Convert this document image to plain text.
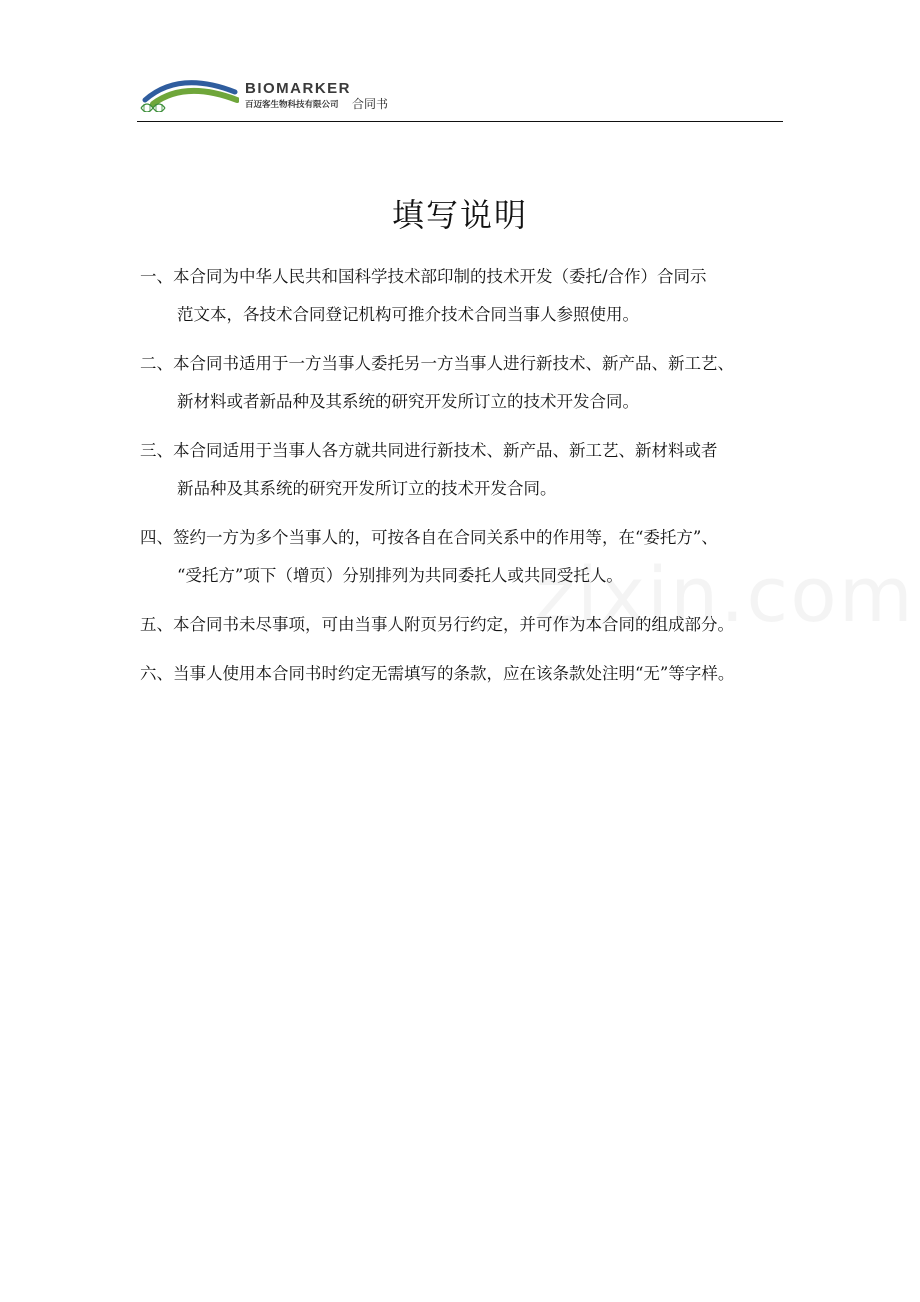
BIOMARKER
百迈客生物科技有限公司 合同书
填写说明
一、本合同为中华人民共和国科学技术部印制的技术开发（委托/合作）合同示
范文本，各技术合同登记机构可推介技术合同当事人参照使用。
二、本合同书适用于一方当事人委托另一方当事人进行新技术、新产品、新工艺、
新材料或者新品种及其系统的研究开发所订立的技术开发合同。
三、本合同适用于当事人各方就共同进行新技术、新产品、新工艺、新材料或者
新品种及其系统的研究开发所订立的技术开发合同。
四、签约一方为多个当事人的，可按各自在合同关系中的作用等，在“委托方”、
“受托方”项下（增页）分别排列为共同委托人或共同受托人。
五、本合同书未尽事项，可由当事人附页另行约定，并可作为本合同的组成部分。
六、当事人使用本合同书时约定无需填写的条款，应在该条款处注明“无”等字样。
